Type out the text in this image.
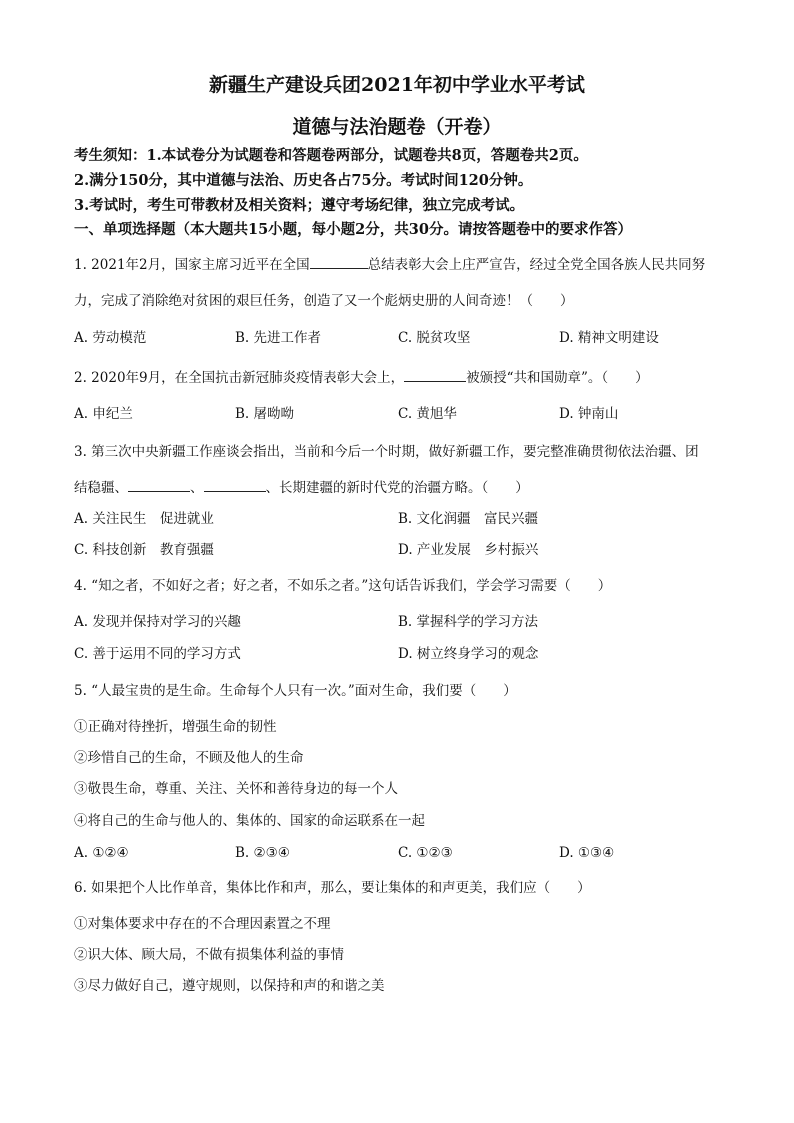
新疆生产建设兵团2021年初中学业水平考试
道德与法治题卷（开卷）
考生须知：1.本试卷分为试题卷和答题卷两部分，试题卷共8页，答题卷共2页。
2.满分150分，其中道德与法治、历史各占75分。考试时间120分钟。
3.考试时，考生可带教材及相关资料；遵守考场纪律，独立完成考试。
一、单项选择题（本大题共15小题，每小题2分，共30分。请按答题卷中的要求作答）
1. 2021年2月，国家主席习近平在全国	总结表彰大会上庄严宣告，经过全党全国各族人民共同努
力，完成了消除绝对贫困的艰巨任务，创造了又一个彪炳史册的人间奇迹！（　　）
A. 劳动模范	B. 先进工作者	C. 脱贫攻坚	D. 精神文明建设
2. 2020年9月，在全国抗击新冠肺炎疫情表彰大会上，	被颁授“共和国勋章”。（　　）
A. 申纪兰	B. 屠呦呦	C. 黄旭华	D. 钟南山
3. 第三次中央新疆工作座谈会指出，当前和今后一个时期，做好新疆工作，要完整准确贯彻依法治疆、团
结稳疆、	、	、长期建疆的新时代党的治疆方略。（　　）
A. 关注民生　促进就业	B. 文化润疆　富民兴疆
C. 科技创新　教育强疆	D. 产业发展　乡村振兴
4. “知之者，不如好之者；好之者，不如乐之者。”这句话告诉我们，学会学习需要（　　）
A. 发现并保持对学习的兴趣	B. 掌握科学的学习方法
C. 善于运用不同的学习方式	D. 树立终身学习的观念
5. “人最宝贵的是生命。生命每个人只有一次。”面对生命，我们要（　　）
①正确对待挫折，增强生命的韧性
②珍惜自己的生命，不顾及他人的生命
③敬畏生命，尊重、关注、关怀和善待身边的每一个人
④将自己的生命与他人的、集体的、国家的命运联系在一起
A. ①②④	B. ②③④	C. ①②③	D. ①③④
6. 如果把个人比作单音，集体比作和声，那么，要让集体的和声更美，我们应（　　）
①对集体要求中存在的不合理因素置之不理
②识大体、顾大局，不做有损集体利益的事情
③尽力做好自己，遵守规则，以保持和声的和谐之美
